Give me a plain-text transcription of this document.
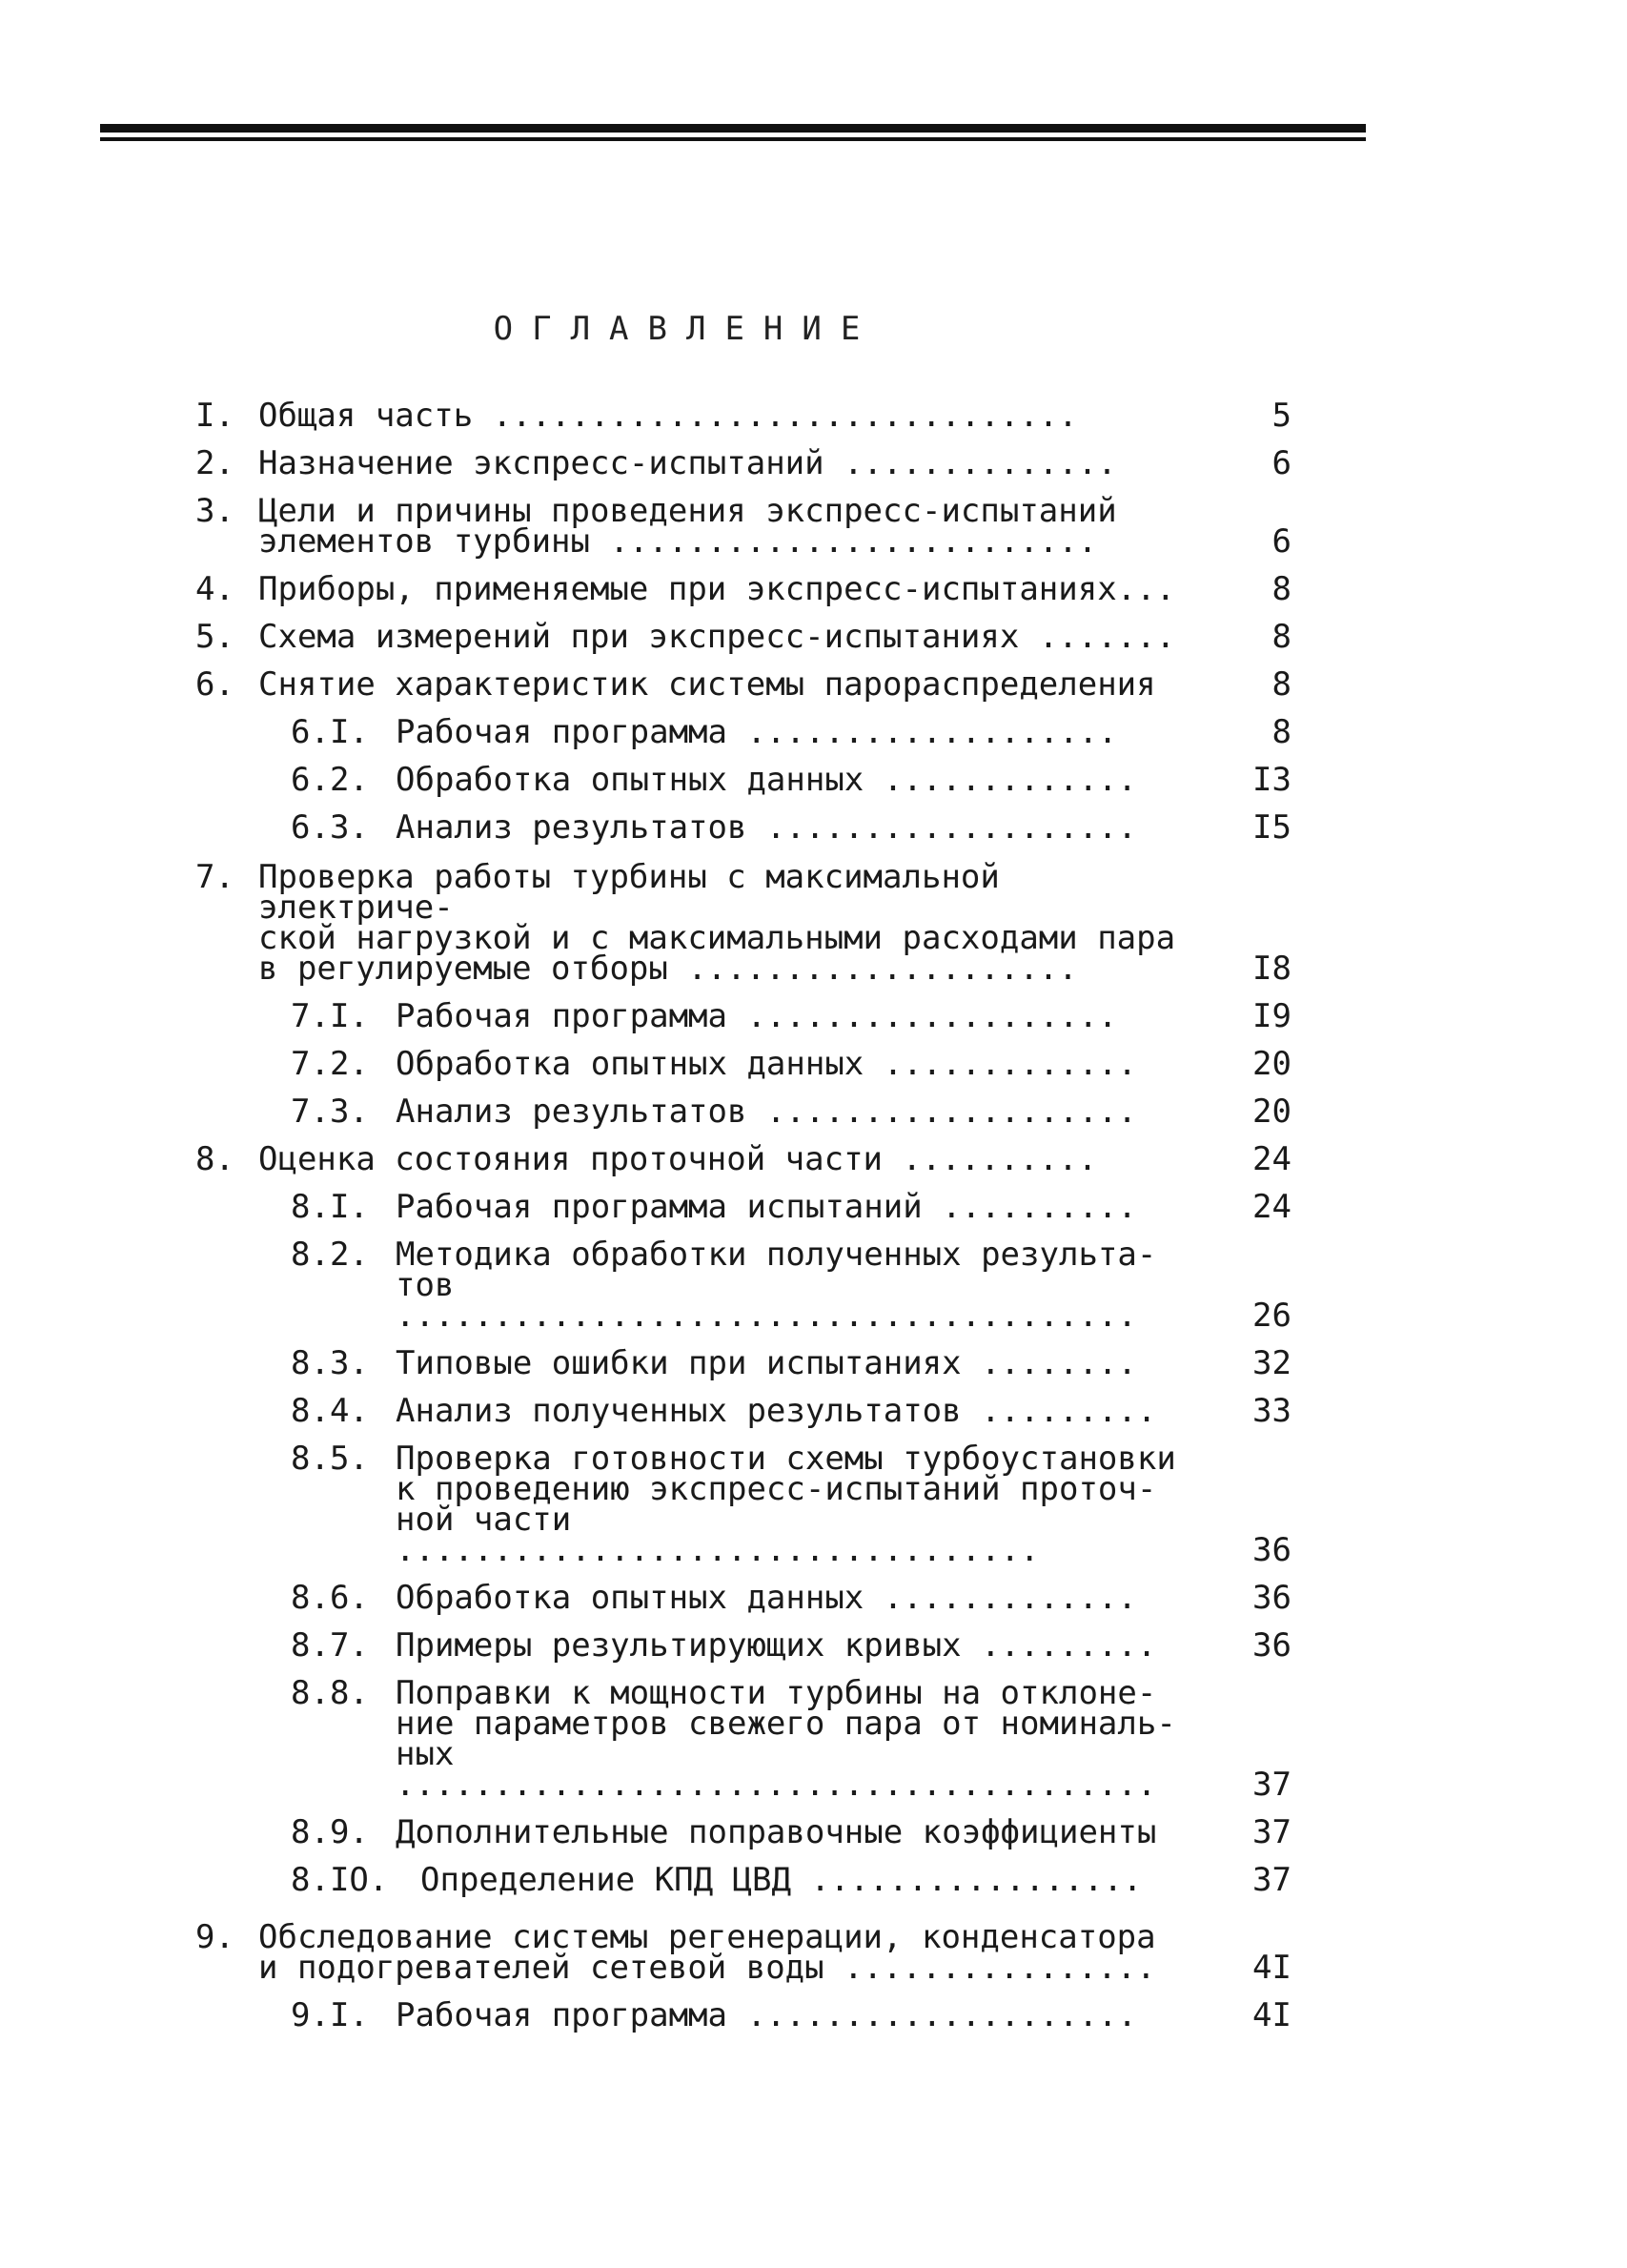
ОГЛАВЛЕНИЕ
I. Общая часть ..............................	5
2. Назначение экспресс-испытаний ..............	6
3. Цели и причины проведения экспресс-испытаний
элементов турбины .........................	6
4. Приборы, применяемые при экспресс-испытаниях...	8
5. Схема измерений при экспресс-испытаниях .......	8
6. Снятие характеристик системы парораспределения	8
6.I. Рабочая программа ...................	8
6.2. Обработка опытных данных .............	I3
6.3. Анализ результатов ...................	I5
7. Проверка работы турбины с максимальной электриче-
ской нагрузкой и с максимальными расходами пара
в регулируемые отборы ....................	I8
7.I. Рабочая программа ...................	I9
7.2. Обработка опытных данных .............	20
7.3. Анализ результатов ...................	20
8. Оценка состояния проточной части ..........	24
8.I. Рабочая программа испытаний ..........	24
8.2. Методика обработки полученных результа-
тов ......................................	26
8.3. Типовые ошибки при испытаниях ........	32
8.4. Анализ полученных результатов .........	33
8.5. Проверка готовности схемы турбоустановки
к проведению экспресс-испытаний проточ-
ной части .................................	36
8.6. Обработка опытных данных .............	36
8.7. Примеры результирующих кривых .........	36
8.8. Поправки к мощности турбины на отклоне-
ние параметров свежего пара от номиналь-
ных .......................................	37
8.9. Дополнительные поправочные коэффициенты	37
8.IO. Определение КПД ЦВД .................	37
9. Обследование системы регенерации, конденсатора
и подогревателей сетевой воды ................	4I
9.I. Рабочая программа ....................	4I
